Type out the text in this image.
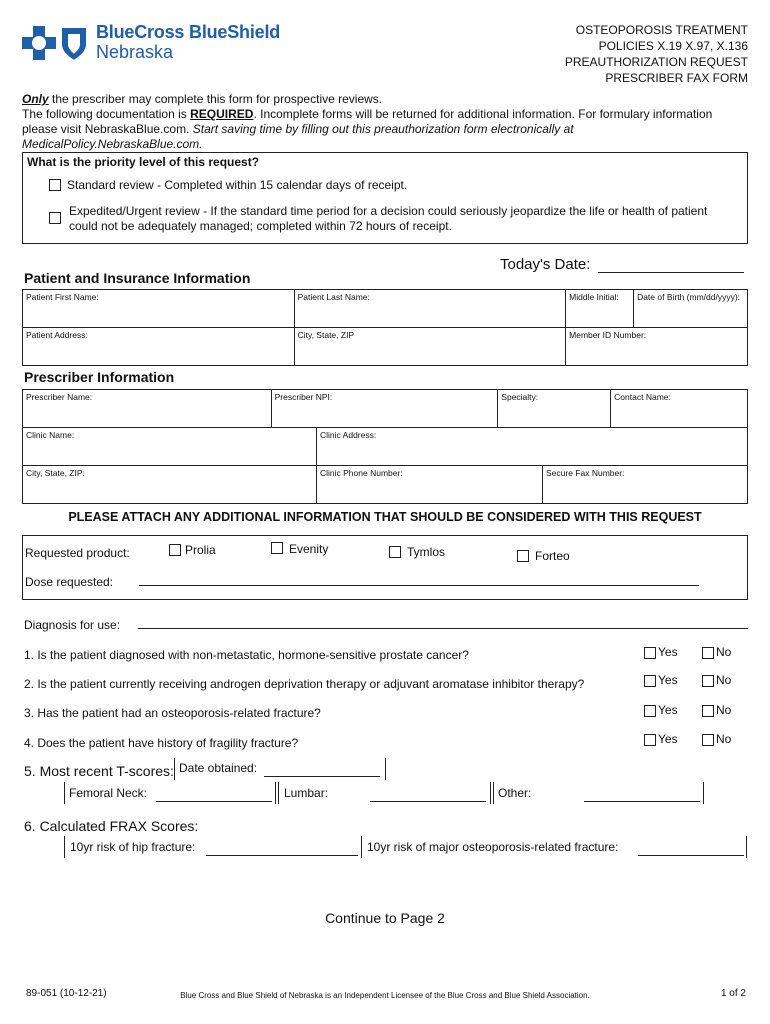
BlueCross BlueShield
Nebraska
OSTEOPOROSIS TREATMENT
POLICIES X.19 X.97, X.136
PREAUTHORIZATION REQUEST
PRESCRIBER FAX FORM
Only the prescriber may complete this form for prospective reviews.
The following documentation is REQUIRED. Incomplete forms will be returned for additional information. For formulary information
please visit NebraskaBlue.com. Start saving time by filling out this preauthorization form electronically at
MedicalPolicy.NebraskaBlue.com.
What is the priority level of this request?
Standard review - Completed within 15 calendar days of receipt.
Expedited/Urgent review - If the standard time period for a decision could seriously jeopardize the life or health of patient
could not be adequately managed; completed within 72 hours of receipt.
Today's Date:
Patient and Insurance Information
Patient First Name:	Patient Last Name:	Middle Initial:	Date of Birth (mm/dd/yyyy):
Patient Address:	City, State, ZIP	Member ID Number:	
Prescriber Information
Prescriber Name:	Prescriber NPI:	Specialty:	Contact Name:
Clinic Name:	Clinic Address:	
City, State, ZIP:	Clinic Phone Number:	Secure Fax Number:
PLEASE ATTACH ANY ADDITIONAL INFORMATION THAT SHOULD BE CONSIDERED WITH THIS REQUEST
Requested product:	Prolia	Evenity	Tymlos	Forteo
Dose requested:
Diagnosis for use:
1. Is the patient diagnosed with non-metastatic, hormone-sensitive prostate cancer?	Yes	No
2. Is the patient currently receiving androgen deprivation therapy or adjuvant aromatase inhibitor therapy?	Yes	No
3. Has the patient had an osteoporosis-related fracture?	Yes	No
4. Does the patient have history of fragility fracture?	Yes	No
5. Most recent T-scores: Date obtained:
Femoral Neck:	Lumbar:	Other:
6. Calculated FRAX Scores:
10yr risk of hip fracture:	10yr risk of major osteoporosis-related fracture:
Continue to Page 2
89-051 (10-12-21)	Blue Cross and Blue Shield of Nebraska is an Independent Licensee of the Blue Cross and Blue Shield Association.	1 of 2
